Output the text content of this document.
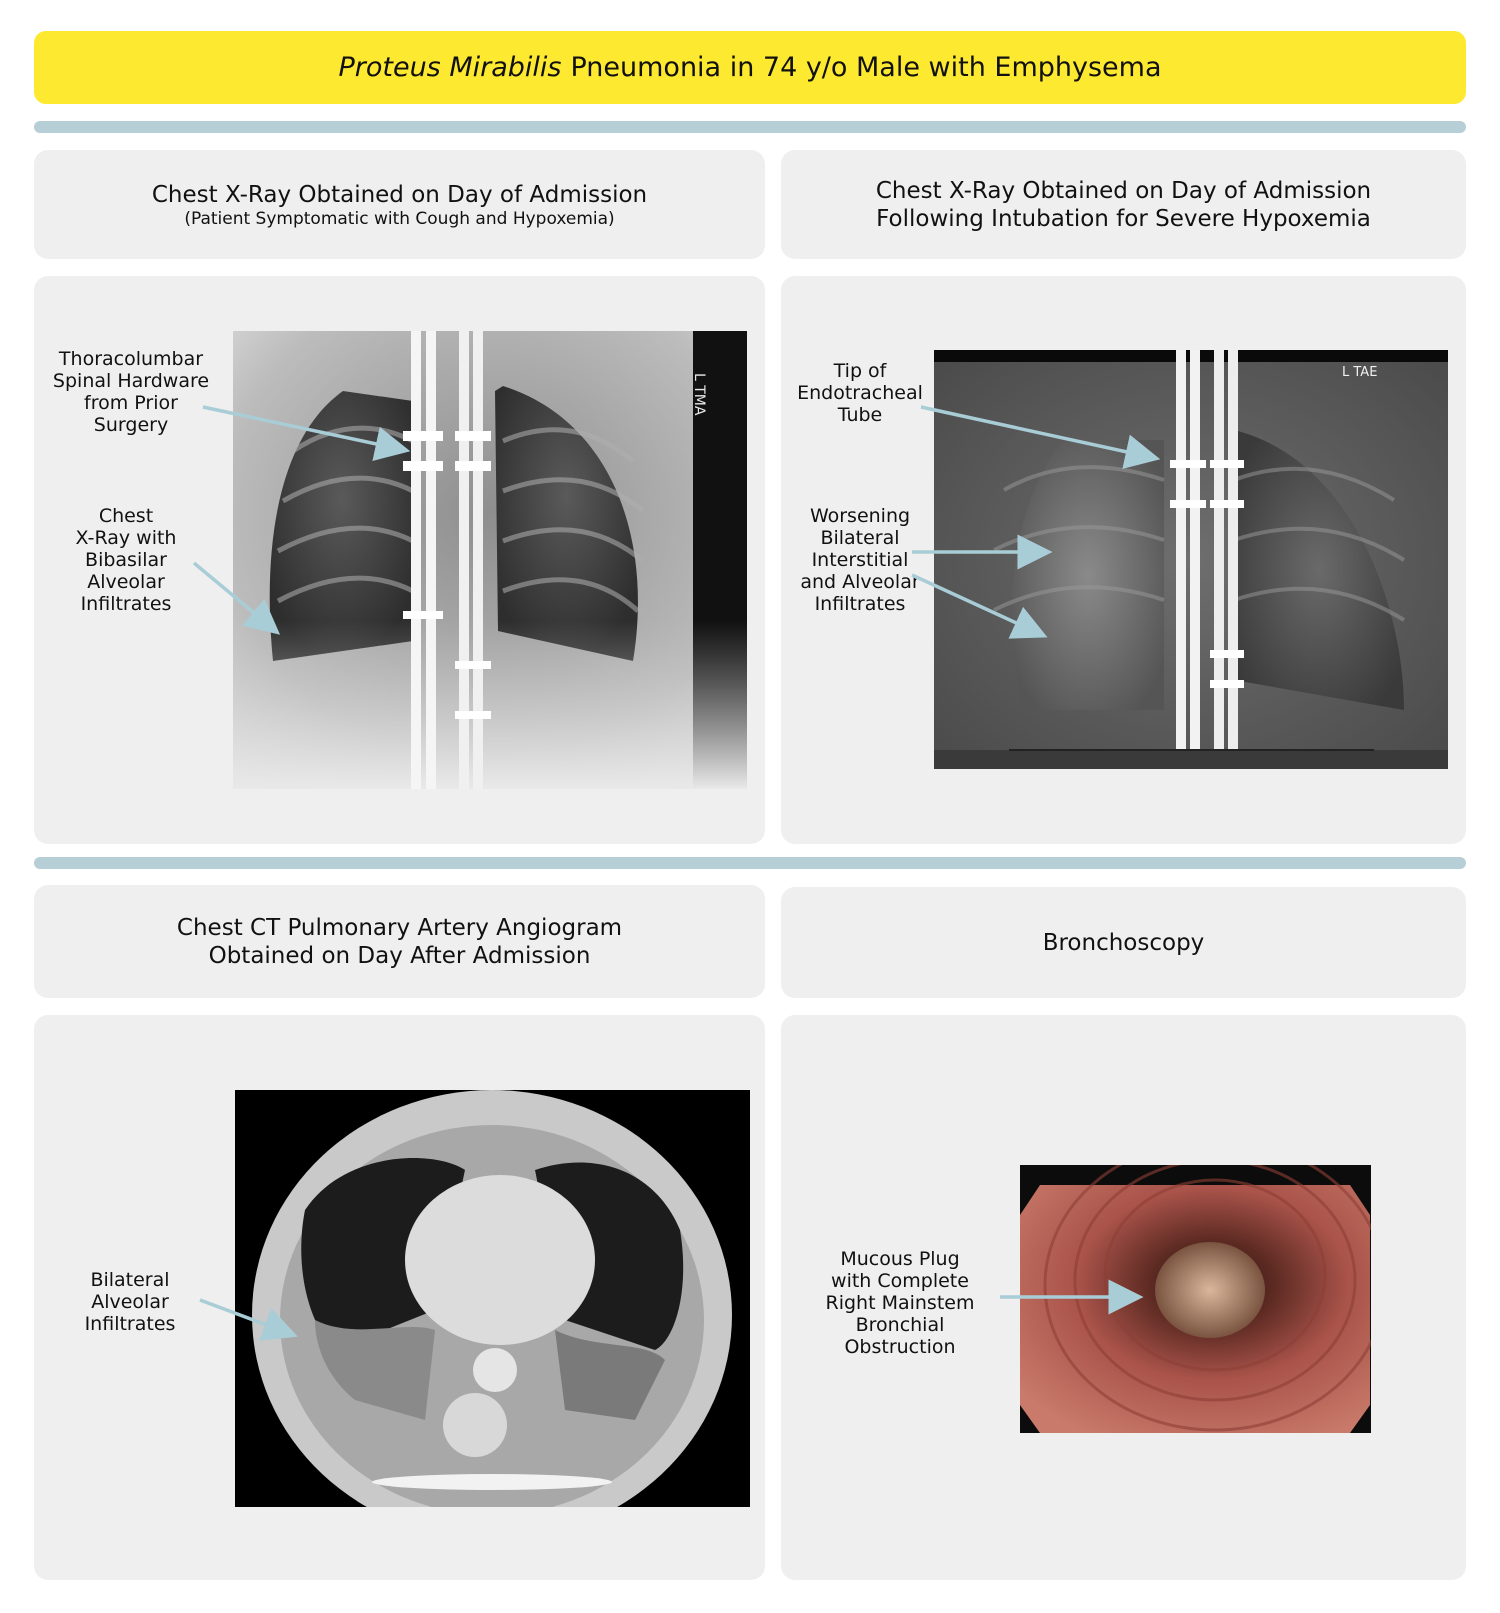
Proteus Mirabilis Pneumonia in 74 y/o Male with Emphysema
Chest X-Ray Obtained on Day of Admission
(Patient Symptomatic with Cough and Hypoxemia)
Chest X-Ray Obtained on Day of Admission
Following Intubation for Severe Hypoxemia
L TMA
L TAE
Chest CT Pulmonary Artery Angiogram
Obtained on Day After Admission	Bronchoscopy
Thoracolumbar
Spinal Hardware
from Prior
Surgery
Chest
X-Ray with
Bibasilar
Alveolar
Infiltrates
Tip of
Endotracheal
Tube
Worsening
Bilateral
Interstitial
and Alveolar
Infiltrates
Bilateral
Alveolar
Infiltrates
Mucous Plug
with Complete
Right Mainstem
Bronchial
Obstruction
